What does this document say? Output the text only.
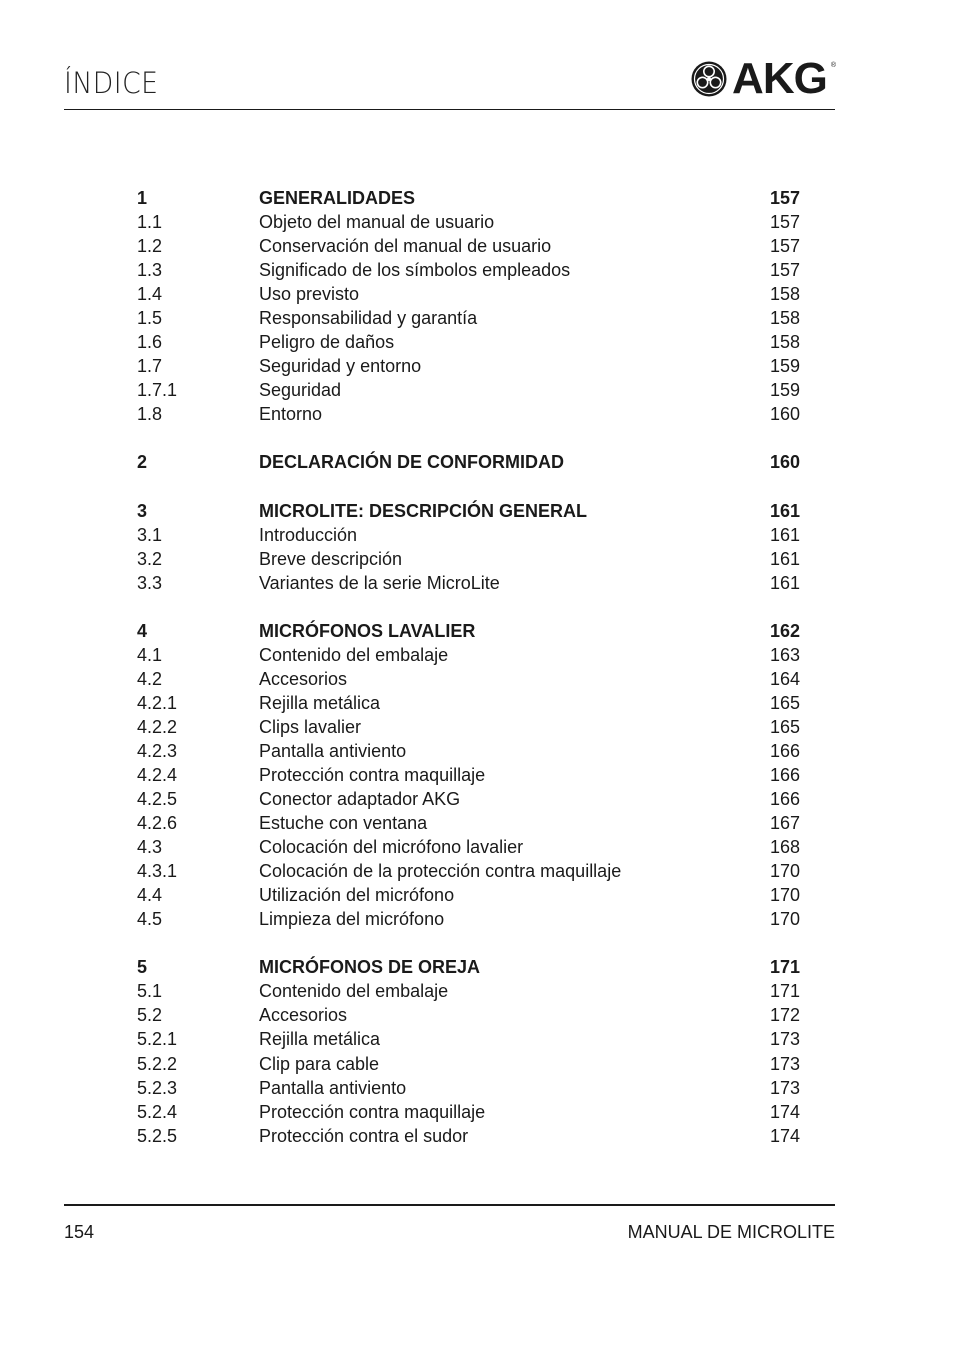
ÍNDICE	AKG ®
1	GENERALIDADES	157
1.1	Objeto del manual de usuario	157
1.2	Conservación del manual de usuario	157
1.3	Significado de los símbolos empleados	157
1.4	Uso previsto	158
1.5	Responsabilidad y garantía	158
1.6	Peligro de daños	158
1.7	Seguridad y entorno	159
1.7.1	Seguridad	159
1.8	Entorno	160
2	DECLARACIÓN DE CONFORMIDAD	160
3	MICROLITE: DESCRIPCIÓN GENERAL	161
3.1	Introducción	161
3.2	Breve descripción	161
3.3	Variantes de la serie MicroLite	161
4	MICRÓFONOS LAVALIER	162
4.1	Contenido del embalaje	163
4.2	Accesorios	164
4.2.1	Rejilla metálica	165
4.2.2	Clips lavalier	165
4.2.3	Pantalla antiviento	166
4.2.4	Protección contra maquillaje	166
4.2.5	Conector adaptador AKG	166
4.2.6	Estuche con ventana	167
4.3	Colocación del micrófono lavalier	168
4.3.1	Colocación de la protección contra maquillaje	170
4.4	Utilización del micrófono	170
4.5	Limpieza del micrófono	170
5	MICRÓFONOS DE OREJA	171
5.1	Contenido del embalaje	171
5.2	Accesorios	172
5.2.1	Rejilla metálica	173
5.2.2	Clip para cable	173
5.2.3	Pantalla antiviento	173
5.2.4	Protección contra maquillaje	174
5.2.5	Protección contra el sudor	174
154	MANUAL DE MICROLITE
